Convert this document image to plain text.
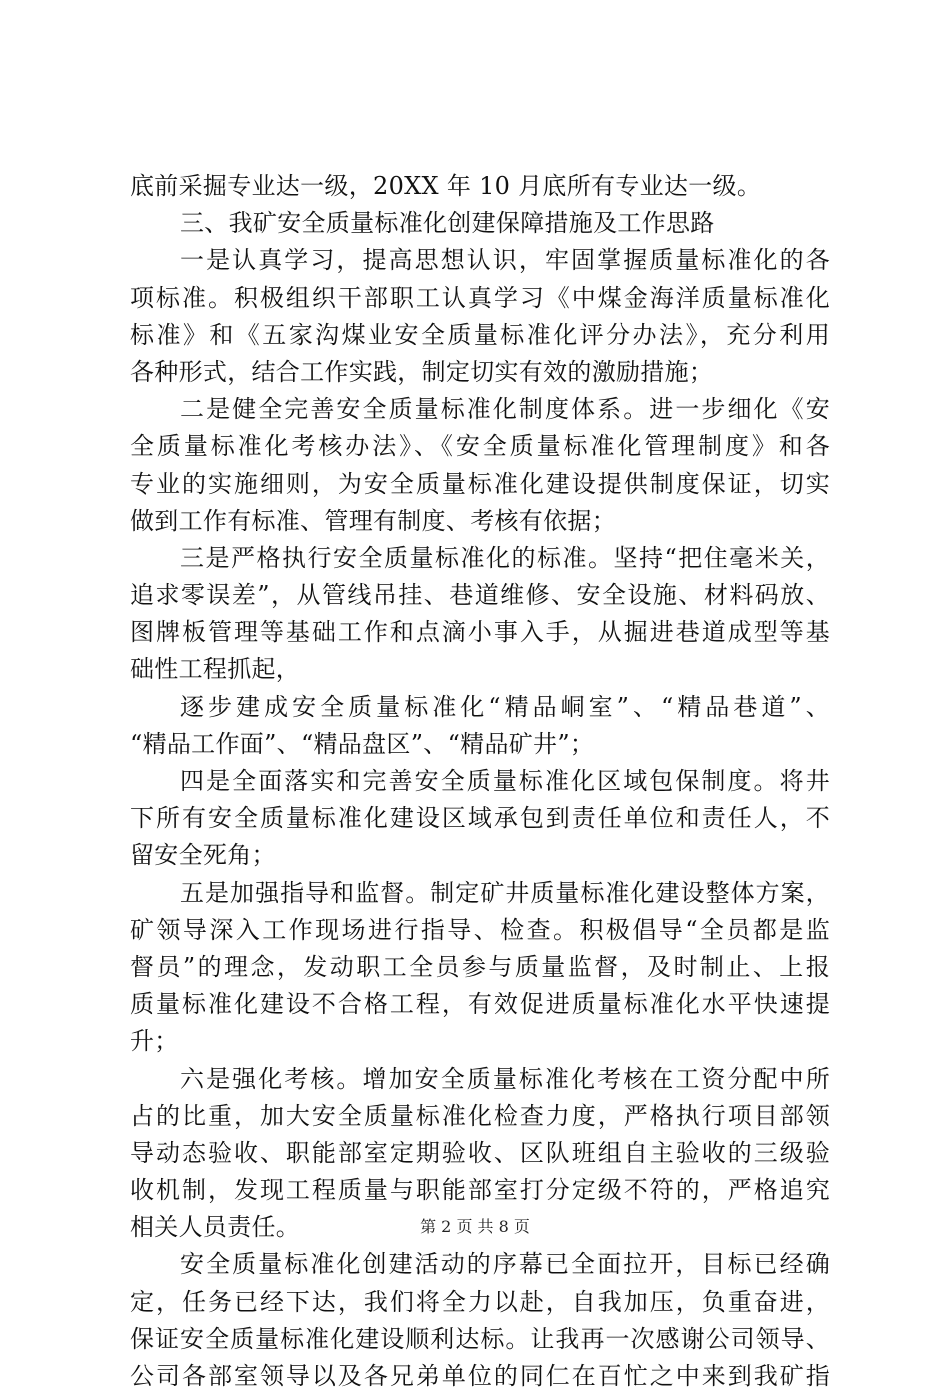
底前采掘专业达一级，20XX 年 10 月底所有专业达一级。
三、我矿安全质量标准化创建保障措施及工作思路
一是认真学习，提高思想认识，牢固掌握质量标准化的各
项标准。积极组织干部职工认真学习《中煤金海洋质量标准化
标准》和《五家沟煤业安全质量标准化评分办法》，充分利用
各种形式，结合工作实践，制定切实有效的激励措施；
二是健全完善安全质量标准化制度体系。进一步细化《安
全质量标准化考核办法》、《安全质量标准化管理制度》和各
专业的实施细则，为安全质量标准化建设提供制度保证，切实
做到工作有标准、管理有制度、考核有依据；
三是严格执行安全质量标准化的标准。坚持“把住毫米关，
追求零误差”，从管线吊挂、巷道维修、安全设施、材料码放、
图牌板管理等基础工作和点滴小事入手，从掘进巷道成型等基
础性工程抓起，
逐步建成安全质量标准化“精品峒室”、“精品巷道”、
“精品工作面”、“精品盘区”、“精品矿井”；
四是全面落实和完善安全质量标准化区域包保制度。将井
下所有安全质量标准化建设区域承包到责任单位和责任人，不
留安全死角；
五是加强指导和监督。制定矿井质量标准化建设整体方案，
矿领导深入工作现场进行指导、检查。积极倡导“全员都是监
督员”的理念，发动职工全员参与质量监督，及时制止、上报
质量标准化建设不合格工程，有效促进质量标准化水平快速提
升；
六是强化考核。增加安全质量标准化考核在工资分配中所
占的比重，加大安全质量标准化检查力度，严格执行项目部领
导动态验收、职能部室定期验收、区队班组自主验收的三级验
收机制，发现工程质量与职能部室打分定级不符的，严格追究
相关人员责任。
安全质量标准化创建活动的序幕已全面拉开，目标已经确
定，任务已经下达，我们将全力以赴，自我加压，负重奋进，
保证安全质量标准化建设顺利达标。让我再一次感谢公司领导、
公司各部室领导以及各兄弟单位的同仁在百忙之中来到我矿指
第 2 页 共 8 页
